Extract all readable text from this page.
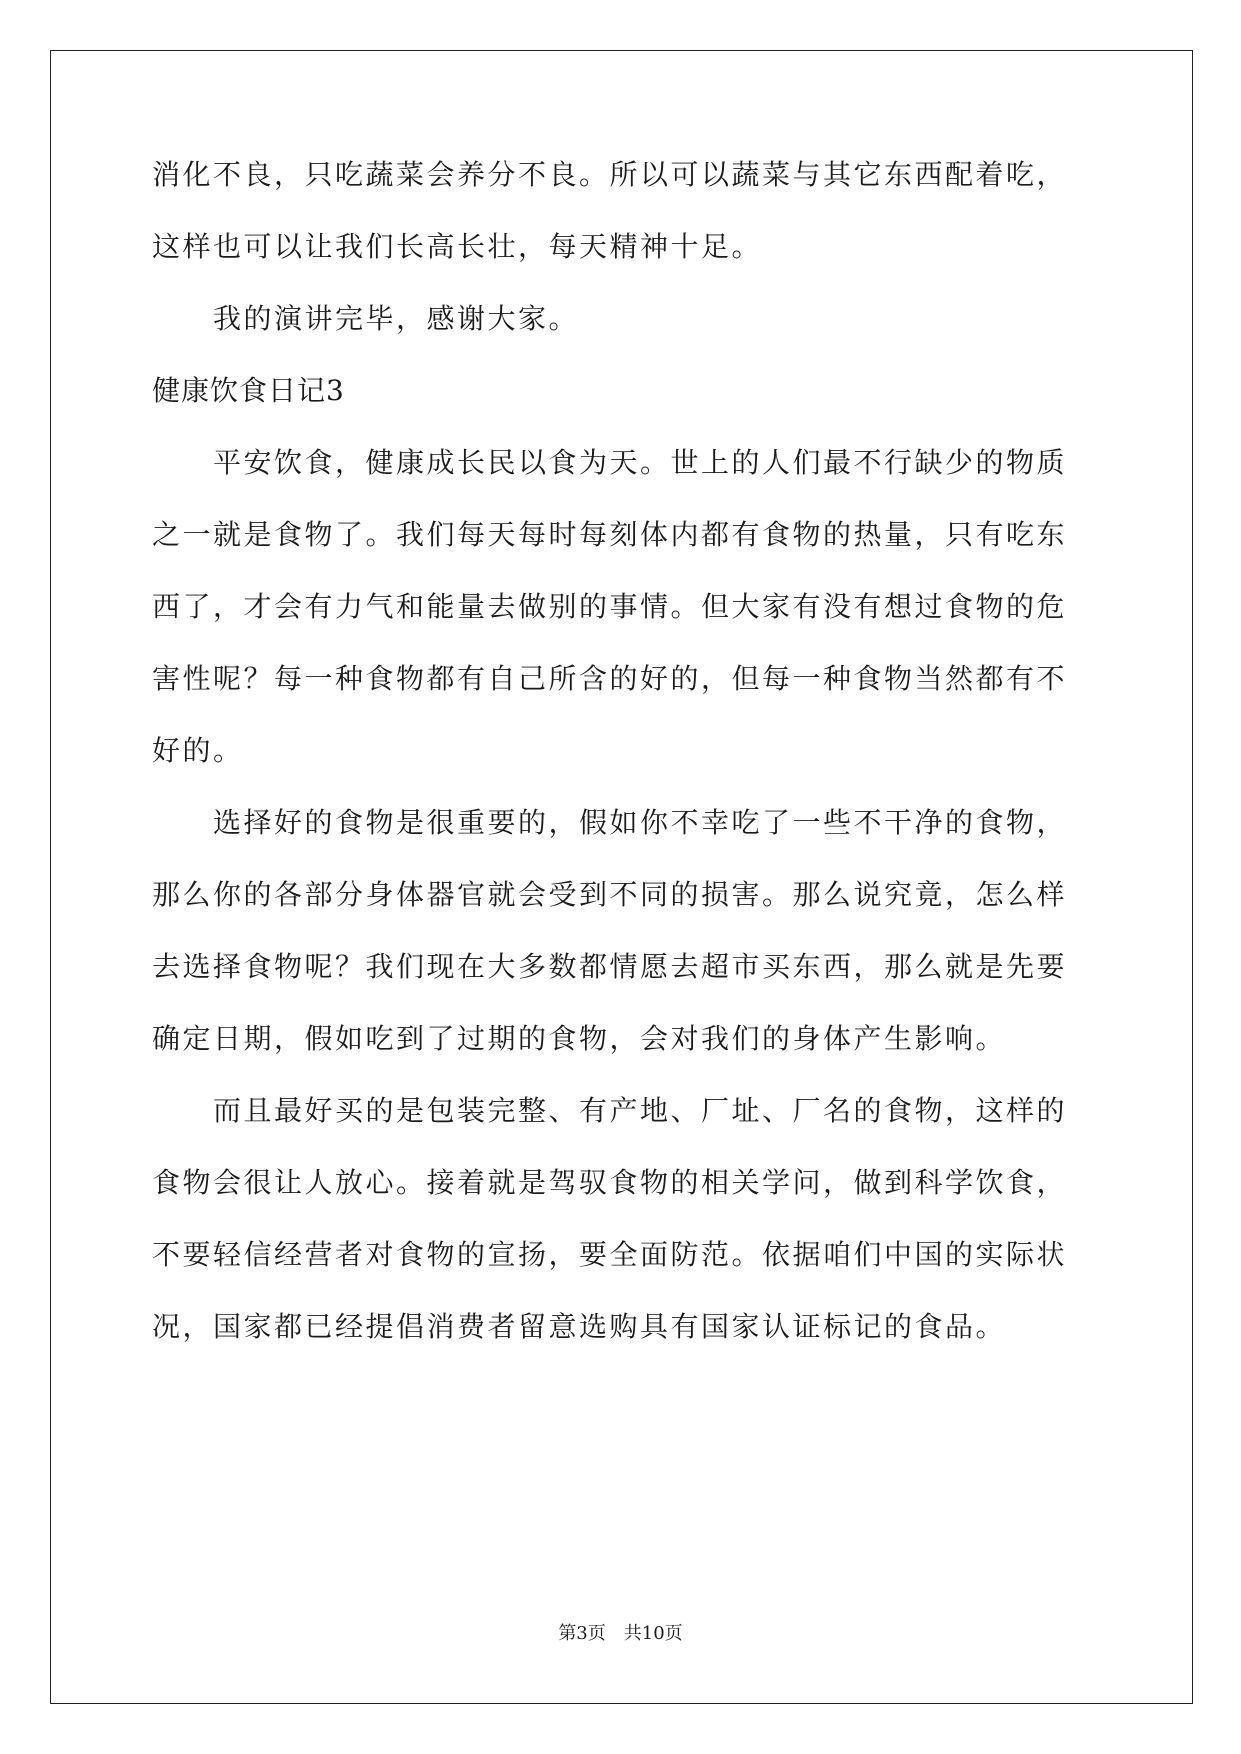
消化不良，只吃蔬菜会养分不良。所以可以蔬菜与其它东西配着吃，
这样也可以让我们长高长壮，每天精神十足。
　　我的演讲完毕，感谢大家。
健康饮食日记3
　　平安饮食，健康成长民以食为天。世上的人们最不行缺少的物质
之一就是食物了。我们每天每时每刻体内都有食物的热量，只有吃东
西了，才会有力气和能量去做别的事情。但大家有没有想过食物的危
害性呢？每一种食物都有自己所含的好的，但每一种食物当然都有不
好的。
　　选择好的食物是很重要的，假如你不幸吃了一些不干净的食物，
那么你的各部分身体器官就会受到不同的损害。那么说究竟，怎么样
去选择食物呢？我们现在大多数都情愿去超市买东西，那么就是先要
确定日期，假如吃到了过期的食物，会对我们的身体产生影响。
　　而且最好买的是包装完整、有产地、厂址、厂名的食物，这样的
食物会很让人放心。接着就是驾驭食物的相关学问，做到科学饮食，
不要轻信经营者对食物的宣扬，要全面防范。依据咱们中国的实际状
况，国家都已经提倡消费者留意选购具有国家认证标记的食品。
第3页　共10页
